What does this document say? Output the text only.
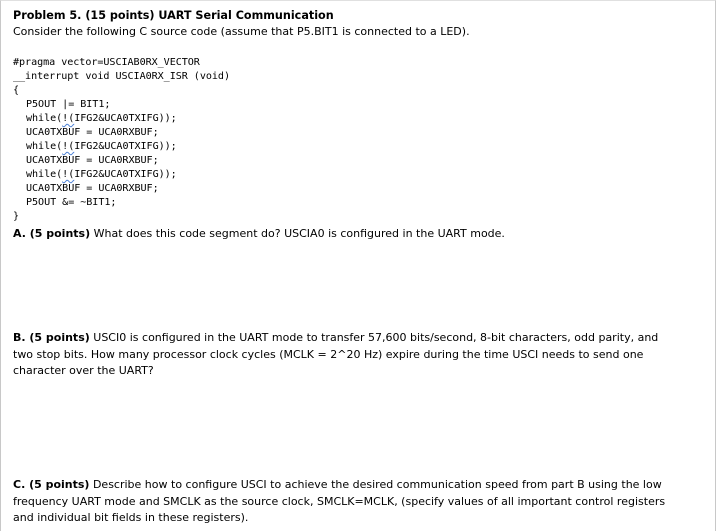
Problem 5. (15 points) UART Serial Communication
Consider the following C source code (assume that P5.BIT1 is connected to a LED).
#pragma vector=USCIAB0RX_VECTOR
__interrupt void USCIA0RX_ISR (void)
{
P5OUT |= BIT1;
while(!(IFG2&UCA0TXIFG));
UCA0TXBUF = UCA0RXBUF;
while(!(IFG2&UCA0TXIFG));
UCA0TXBUF = UCA0RXBUF;
while(!(IFG2&UCA0TXIFG));
UCA0TXBUF = UCA0RXBUF;
P5OUT &= ~BIT1;
}
A. (5 points) What does this code segment do? USCIA0 is configured in the UART mode.
B. (5 points) USCI0 is configured in the UART mode to transfer 57,600 bits/second, 8-bit characters, odd parity, and two stop bits. How many processor clock cycles (MCLK = 2^20 Hz) expire during the time USCI needs to send one character over the UART?
C. (5 points) Describe how to configure USCI to achieve the desired communication speed from part B using the low frequency UART mode and SMCLK as the source clock, SMCLK=MCLK, (specify values of all important control registers and individual bit fields in these registers).
